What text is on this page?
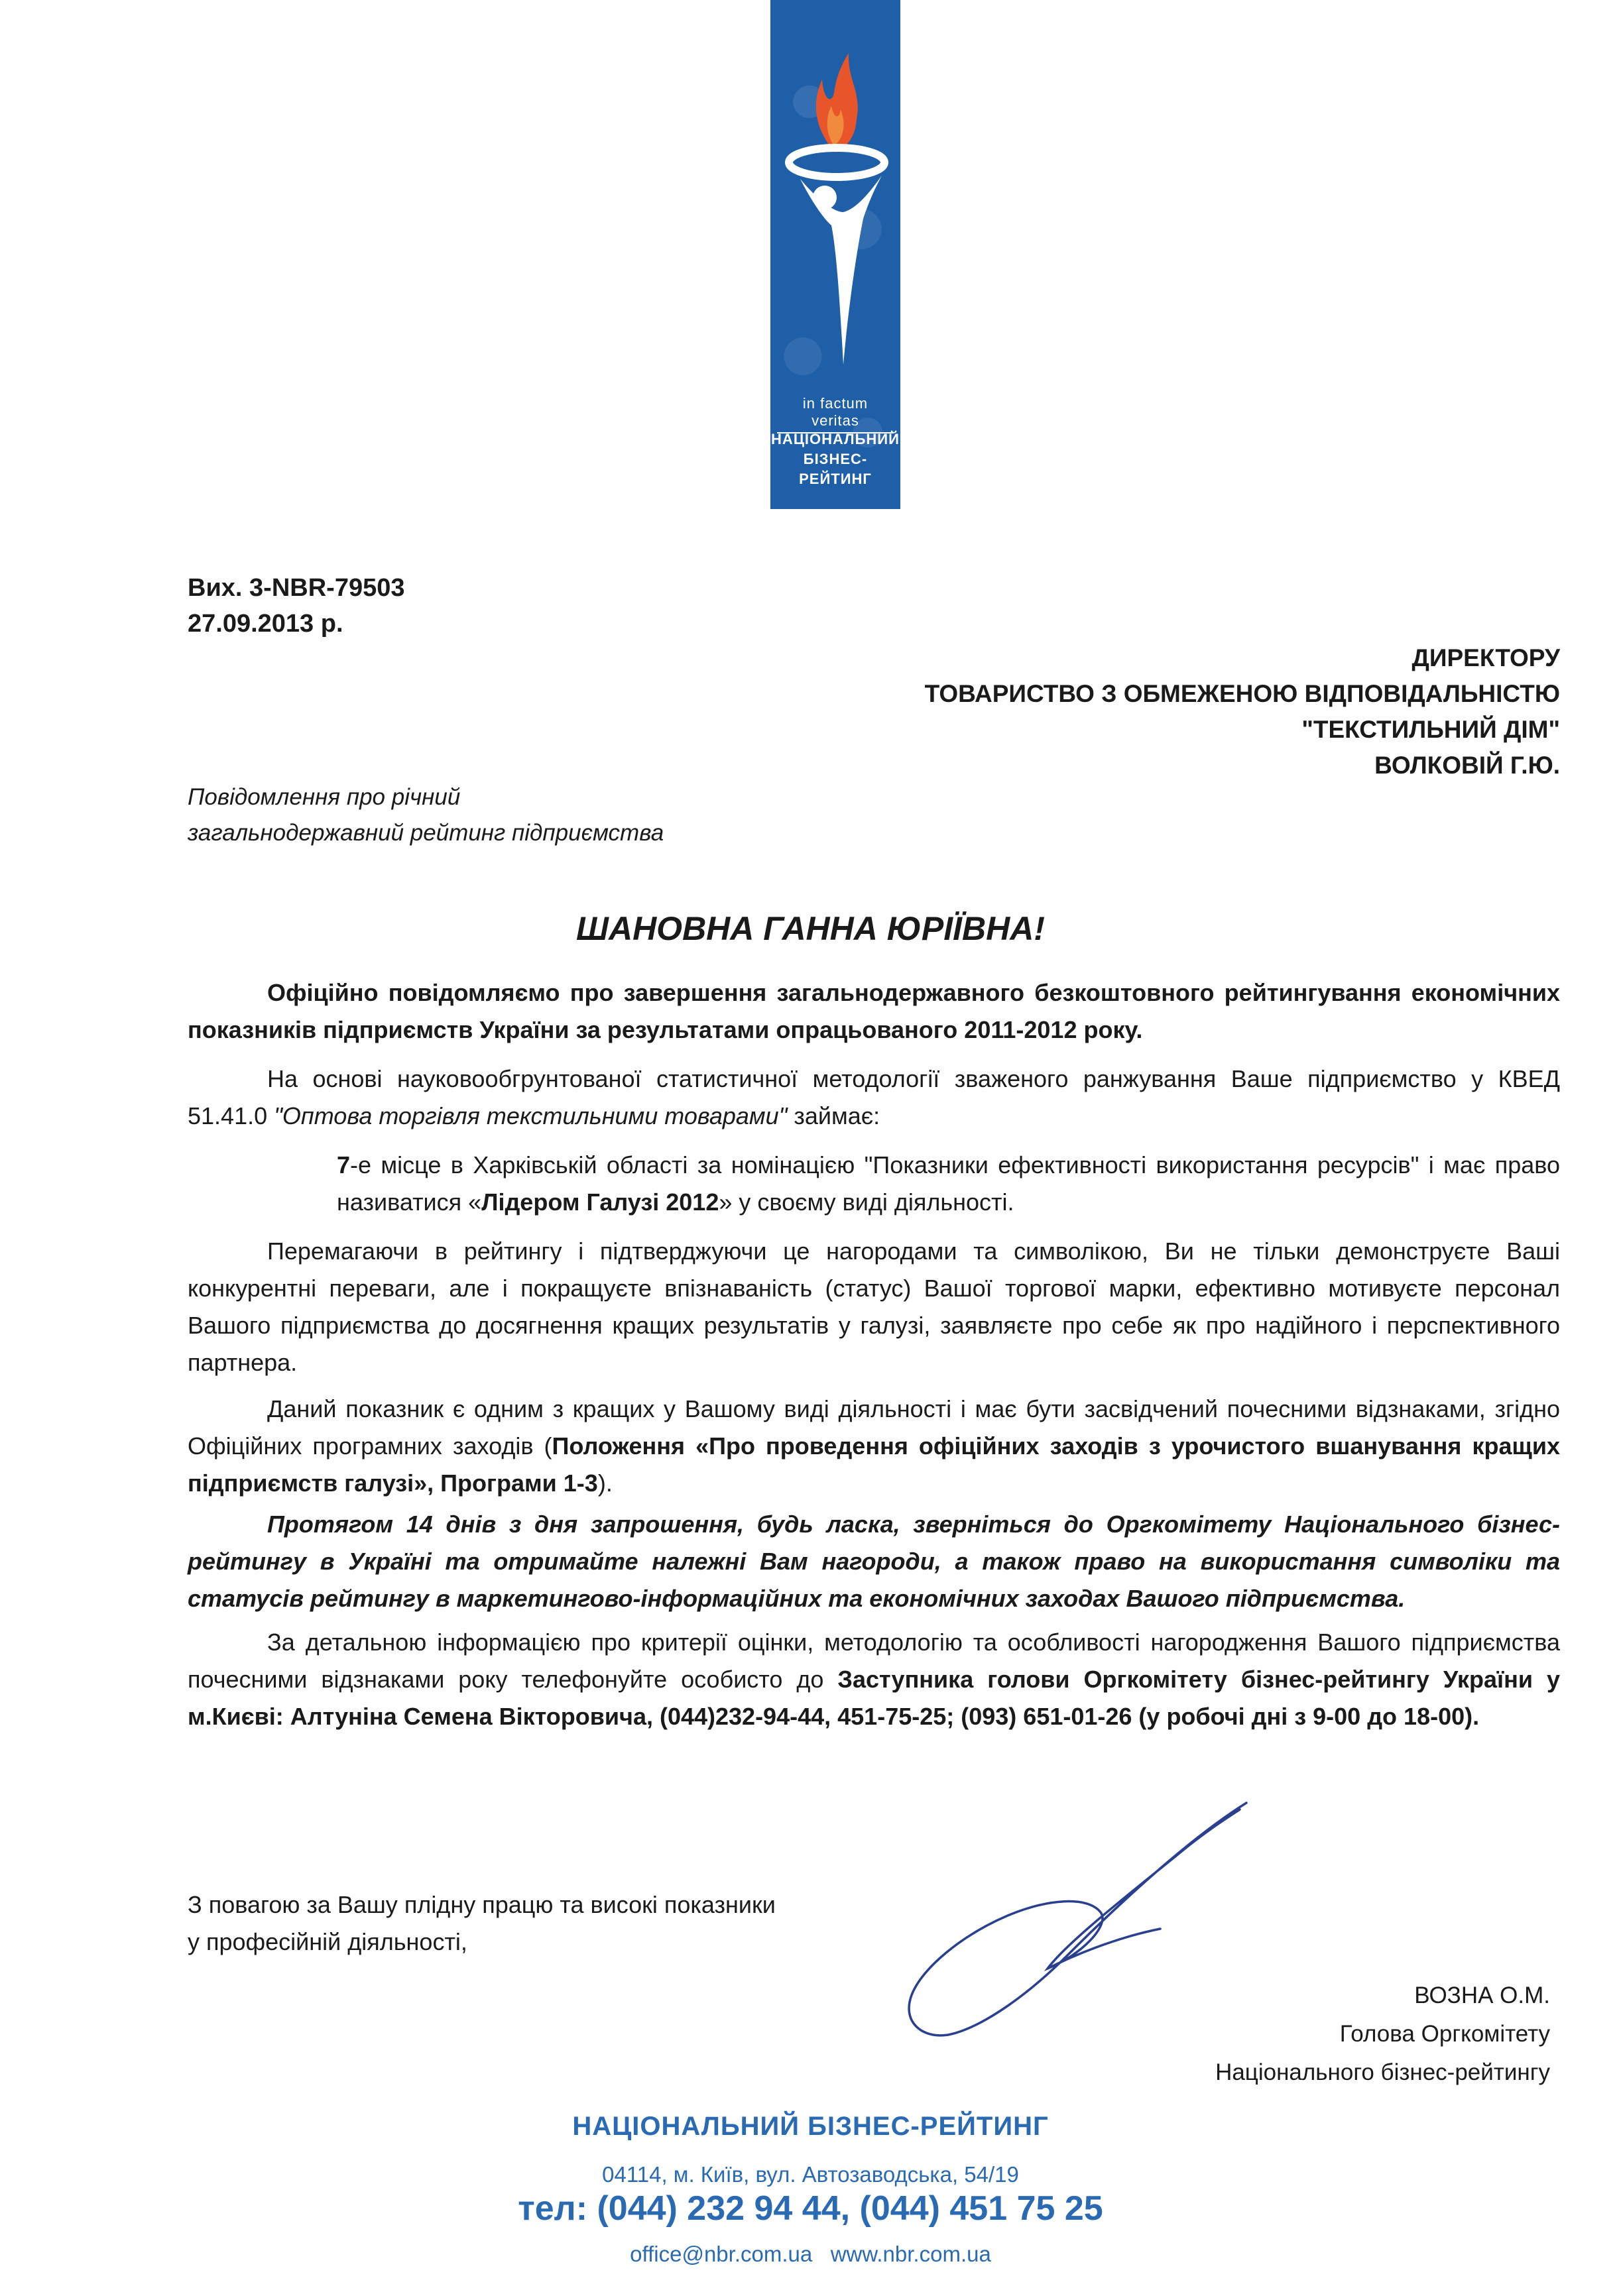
in factum veritas
НАЦІОНАЛЬНИЙ
БІЗНЕС-РЕЙТИНГ
Вих. 3-NBR-79503
27.09.2013 р.
ДИРЕКТОРУ
ТОВАРИСТВО З ОБМЕЖЕНОЮ ВІДПОВІДАЛЬНІСТЮ
"ТЕКСТИЛЬНИЙ ДІМ"
ВОЛКОВІЙ Г.Ю.
Повідомлення про річний
загальнодержавний рейтинг підприємства
ШАНОВНА ГАННА ЮРІЇВНА!
Офіційно повідомляємо про завершення загальнодержавного безкоштовного рейтингування економічних показників підприємств України за результатами опрацьованого 2011-2012 року.
На основі науковообгрунтованої статистичної методології зваженого ранжування Ваше підприємство у КВЕД 51.41.0 "Оптова торгівля текстильними товарами" займає:
7-е місце в Харківській області за номінацією "Показники ефективності використання ресурсів" і має право називатися «Лідером Галузі 2012» у своєму виді діяльності.
Перемагаючи в рейтингу і підтверджуючи це нагородами та символікою, Ви не тільки демонструєте Ваші конкурентні переваги, але і покращуєте впізнаваність (статус) Вашої торгової марки, ефективно мотивуєте персонал Вашого підприємства до досягнення кращих результатів у галузі, заявляєте про себе як про надійного і перспективного партнера.
Даний показник є одним з кращих у Вашому виді діяльності і має бути засвідчений почесними відзнаками, згідно Офіційних програмних заходів (Положення «Про проведення офіційних заходів з урочистого вшанування кращих підприємств галузі», Програми 1-3).
Протягом 14 днів з дня запрошення, будь ласка, зверніться до Оргкомітету Національного бізнес-рейтингу в Україні та отримайте належні Вам нагороди, а також право на використання символіки та статусів рейтингу в маркетингово-інформаційних та економічних заходах Вашого підприємства.
За детальною інформацією про критерії оцінки, методологію та особливості нагородження Вашого підприємства почесними відзнаками року телефонуйте особисто до Заступника голови Оргкомітету бізнес-рейтингу України у м.Києві: Алтуніна Семена Вікторовича, (044)232-94-44, 451-75-25; (093) 651-01-26 (у робочі дні з 9-00 до 18-00).
З повагою за Вашу плідну працю та високі показники
у професійній діяльності,
ВОЗНА О.М.
Голова Оргкомітету
Національного бізнес-рейтингу
НАЦІОНАЛЬНИЙ БІЗНЕС-РЕЙТИНГ
04114, м. Київ, вул. Автозаводська, 54/19
тел: (044) 232 94 44, (044) 451 75 25
office@nbr.com.ua   www.nbr.com.ua
